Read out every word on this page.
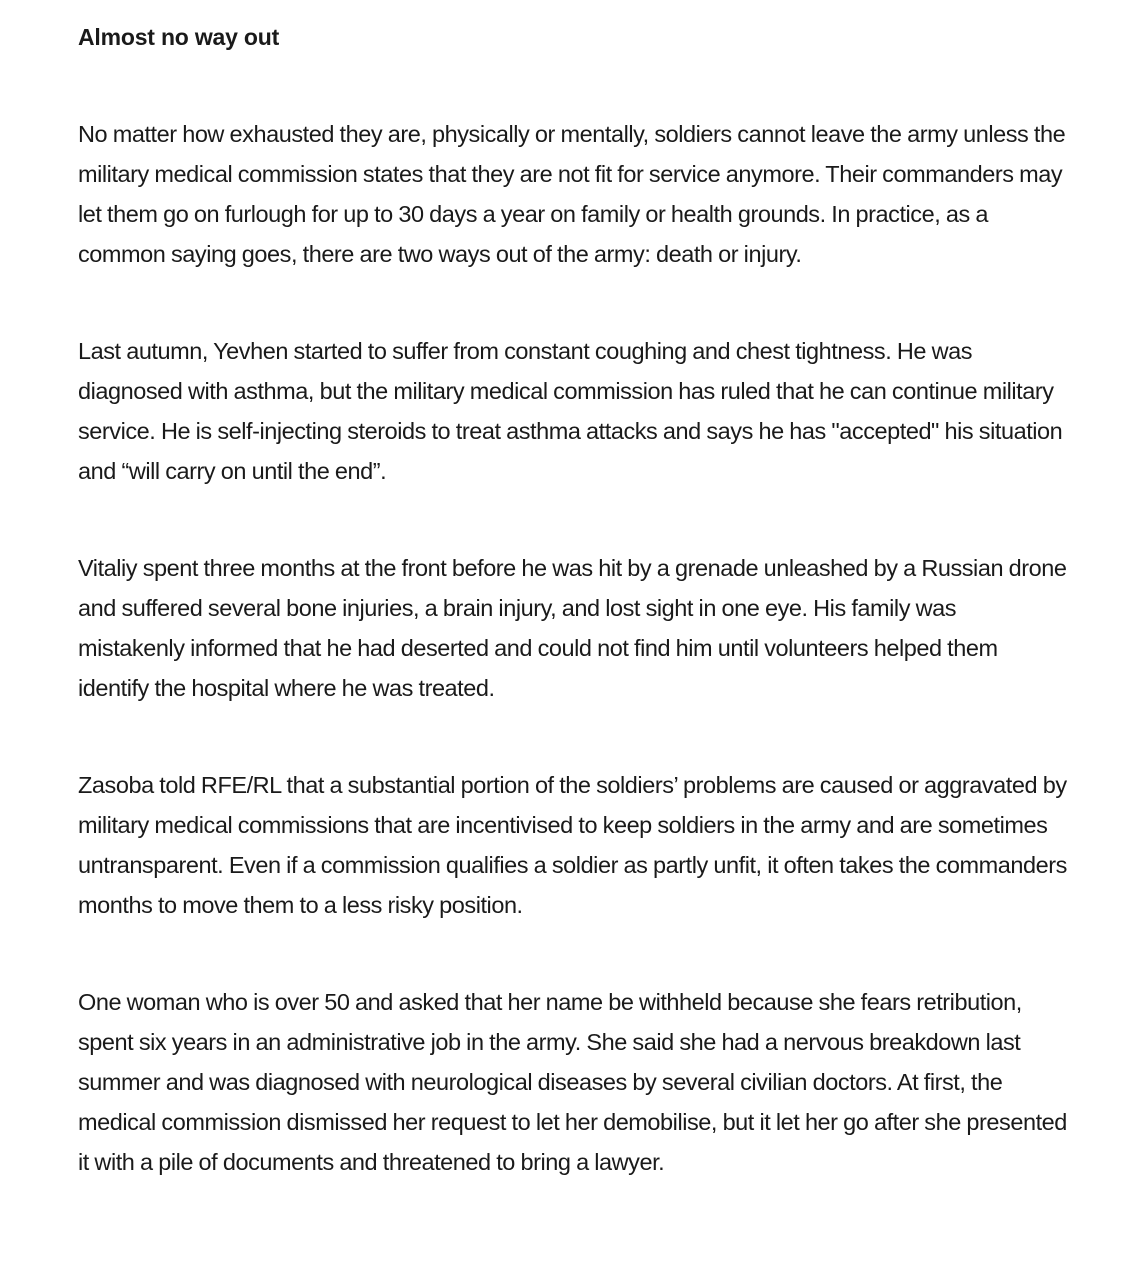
Almost no way out

No matter how exhausted they are, physically or mentally, soldiers cannot leave the army unless the military medical commission states that they are not fit for service anymore. Their commanders may let them go on furlough for up to 30 days a year on family or health grounds. In practice, as a common saying goes, there are two ways out of the army: death or injury.

Last autumn, Yevhen started to suffer from constant coughing and chest tightness. He was diagnosed with asthma, but the military medical commission has ruled that he can continue military service. He is self-injecting steroids to treat asthma attacks and says he has "accepted" his situation and “will carry on until the end”.

Vitaliy spent three months at the front before he was hit by a grenade unleashed by a Russian drone and suffered several bone injuries, a brain injury, and lost sight in one eye. His family was mistakenly informed that he had deserted and could not find him until volunteers helped them identify the hospital where he was treated.

Zasoba told RFE/RL that a substantial portion of the soldiers’ problems are caused or aggravated by military medical commissions that are incentivised to keep soldiers in the army and are sometimes untransparent. Even if a commission qualifies a soldier as partly unfit, it often takes the commanders months to move them to a less risky position.

One woman who is over 50 and asked that her name be withheld because she fears retribution, spent six years in an administrative job in the army. She said she had a nervous breakdown last summer and was diagnosed with neurological diseases by several civilian doctors. At first, the medical commission dismissed her request to let her demobilise, but it let her go after she presented it with a pile of documents and threatened to bring a lawyer.
